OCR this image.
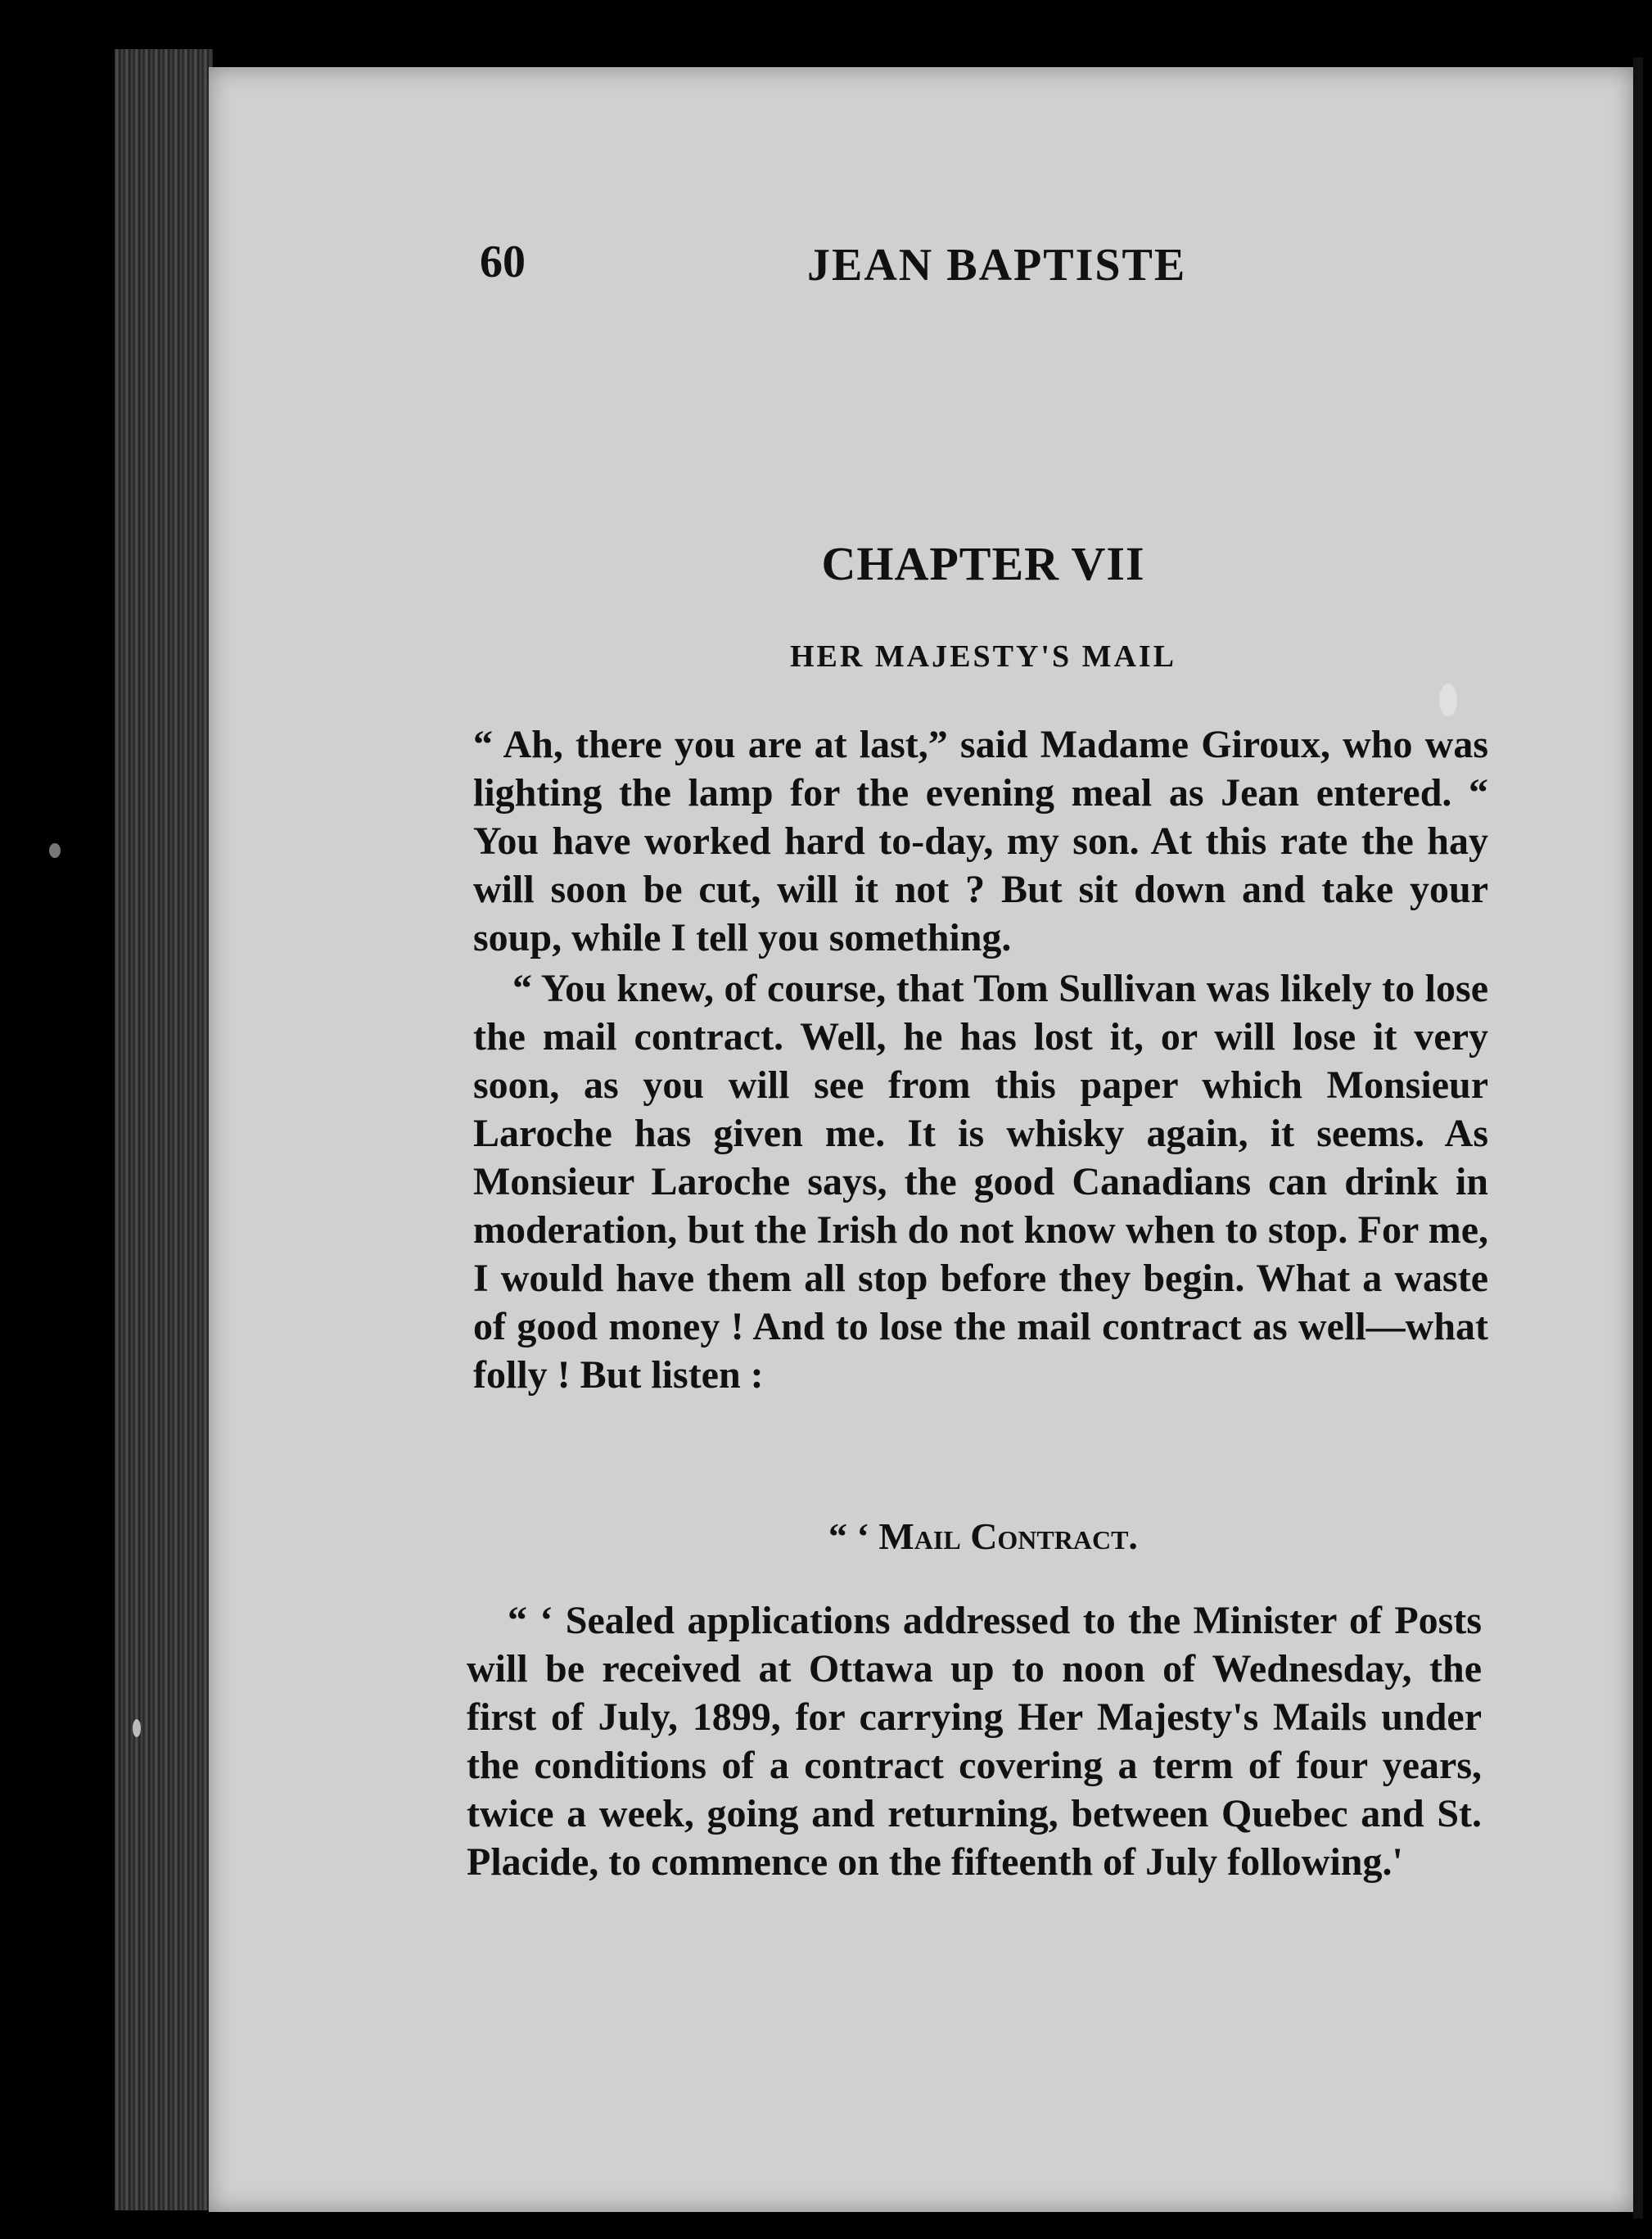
60	JEAN BAPTISTE
CHAPTER VII
HER MAJESTY'S MAIL

“ Ah, there you are at last,” said Madame Giroux, who was lighting the lamp for the evening meal as Jean entered. “ You have worked hard to-day, my son. At this rate the hay will soon be cut, will it not ? But sit down and take your soup, while I tell you something.

“ You knew, of course, that Tom Sullivan was likely to lose the mail contract. Well, he has lost it, or will lose it very soon, as you will see from this paper which Monsieur Laroche has given me. It is whisky again, it seems. As Monsieur Laroche says, the good Canadians can drink in moderation, but the Irish do not know when to stop. For me, I would have them all stop before they begin. What a waste of good money ! And to lose the mail contract as well—what folly ! But listen :

“ ‘ Mail Contract.
“ ‘ Sealed applications addressed to the Minister of Posts will be received at Ottawa up to noon of Wednesday, the first of July, 1899, for carrying Her Majesty's Mails under the conditions of a contract covering a term of four years, twice a week, going and returning, between Quebec and St. Placide, to commence on the fifteenth of July following.'
